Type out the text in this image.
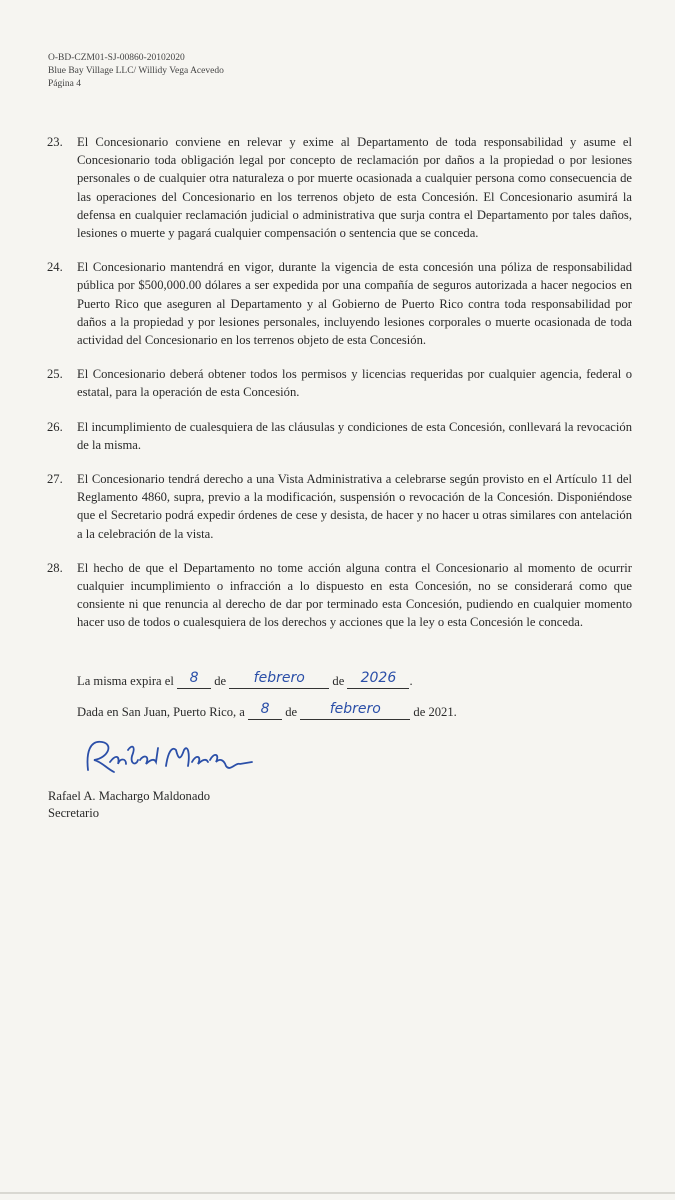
O-BD-CZM01-SJ-00860-20102020
Blue Bay Village LLC/ Willidy Vega Acevedo
Página 4
23.	El Concesionario conviene en relevar y exime al Departamento de toda responsabilidad y asume el Concesionario toda obligación legal por concepto de reclamación por daños a la propiedad o por lesiones personales o de cualquier otra naturaleza o por muerte ocasionada a cualquier persona como consecuencia de las operaciones del Concesionario en los terrenos objeto de esta Concesión. El Concesionario asumirá la defensa en cualquier reclamación judicial o administrativa que surja contra el Departamento por tales daños, lesiones o muerte y pagará cualquier compensación o sentencia que se conceda.
24.	El Concesionario mantendrá en vigor, durante la vigencia de esta concesión una póliza de responsabilidad pública por $500,000.00 dólares a ser expedida por una compañía de seguros autorizada a hacer negocios en Puerto Rico que aseguren al Departamento y al Gobierno de Puerto Rico contra toda responsabilidad por daños a la propiedad y por lesiones personales, incluyendo lesiones corporales o muerte ocasionada de toda actividad del Concesionario en los terrenos objeto de esta Concesión.
25.	El Concesionario deberá obtener todos los permisos y licencias requeridas por cualquier agencia, federal o estatal, para la operación de esta Concesión.
26.	El incumplimiento de cualesquiera de las cláusulas y condiciones de esta Concesión, conllevará la revocación de la misma.
27.	El Concesionario tendrá derecho a una Vista Administrativa a celebrarse según provisto en el Artículo 11 del Reglamento 4860, supra, previo a la modificación, suspensión o revocación de la Concesión. Disponiéndose que el Secretario podrá expedir órdenes de cese y desista, de hacer y no hacer u otras similares con antelación a la celebración de la vista.
28.	El hecho de que el Departamento no tome acción alguna contra el Concesionario al momento de ocurrir cualquier incumplimiento o infracción a lo dispuesto en esta Concesión, no se considerará como que consiente ni que renuncia al derecho de dar por terminado esta Concesión, pudiendo en cualquier momento hacer uso de todos o cualesquiera de los derechos y acciones que la ley o esta Concesión le conceda.
La misma expira el 8 de febrero de 2026 .
Dada en San Juan, Puerto Rico, a 8 de febrero	de 2021.
Rafael A. Machargo Maldonado
Secretario
